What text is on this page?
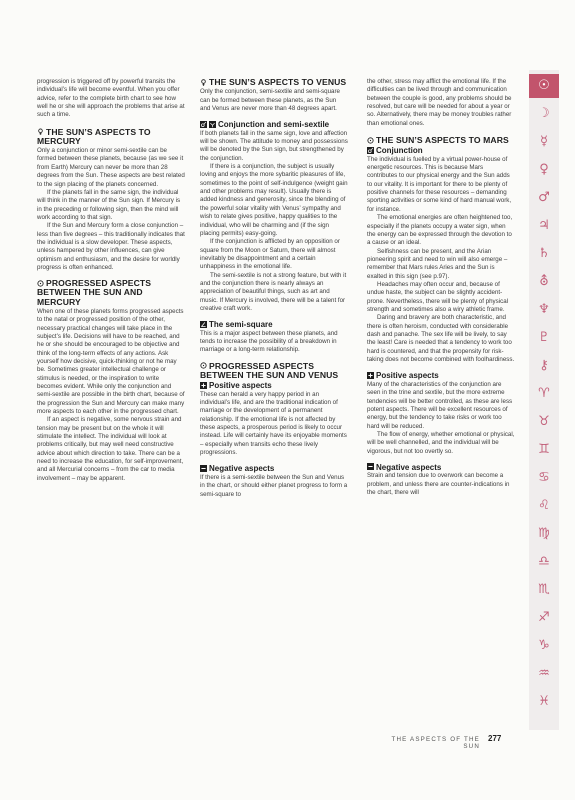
progression is triggered off by powerful transits the individual’s life will become eventful. When you offer advice, refer to the complete birth chart to see how well he or she will approach the problems that arise at such a time.

THE SUN’S ASPECTS TO MERCURY

Only a conjunction or minor semi-sextile can be formed between these planets, because (as we see it from Earth) Mercury can never be more than 28 degrees from the Sun. These aspects are best related to the sign placing of the planets concerned.

If the planets fall in the same sign, the individual will think in the manner of the Sun sign. If Mercury is in the preceding or following sign, then the mind will work according to that sign.

If the Sun and Mercury form a close conjunction – less than five degrees – this traditionally indicates that the individual is a slow developer. These aspects, unless hampered by other influences, can give optimism and enthusiasm, and the desire for worldly progress is often enhanced.

PROGRESSED ASPECTS BETWEEN THE SUN AND MERCURY

When one of these planets forms progressed aspects to the natal or progressed position of the other, necessary practical changes will take place in the subject’s life. Decisions will have to be reached, and he or she should be encouraged to be objective and think of the long-term effects of any actions. Ask yourself how decisive, quick-thinking or not he may be. Sometimes greater intellectual challenge or stimulus is needed, or the inspiration to write becomes evident. While only the conjunction and semi-sextile are possible in the birth chart, because of the progression the Sun and Mercury can make many more aspects to each other in the progressed chart.

If an aspect is negative, some nervous strain and tension may be present but on the whole it will stimulate the intellect. The individual will look at problems critically, but may well need constructive advice about which direction to take. There can be a need to increase the education, for self-improvement, and all Mercurial concerns – from the car to media involvement – may be apparent.

THE SUN’S ASPECTS TO VENUS

Only the conjunction, semi-sextile and semi-square can be formed between these planets, as the Sun and Venus are never more than 48 degrees apart.

Conjunction and semi-sextile

If both planets fall in the same sign, love and affection will be shown. The attitude to money and possessions will be denoted by the Sun sign, but strengthened by the conjunction.

If there is a conjunction, the subject is usually loving and enjoys the more sybaritic pleasures of life, sometimes to the point of self-indulgence (weight gain and other problems may result). Usually there is added kindness and generosity, since the blending of the powerful solar vitality with Venus’ sympathy and wish to relate gives positive, happy qualities to the individual, who will be charming and (if the sign placing permits) easy-going.

If the conjunction is afflicted by an opposition or square from the Moon or Saturn, there will almost inevitably be disappointment and a certain unhappiness in the emotional life.

The semi-sextile is not a strong feature, but with it and the conjunction there is nearly always an appreciation of beautiful things, such as art and music. If Mercury is involved, there will be a talent for creative craft work.

The semi-square

This is a major aspect between these planets, and tends to increase the possibility of a breakdown in marriage or a long-term relationship.

PROGRESSED ASPECTS BETWEEN THE SUN AND VENUS
Positive aspects

These can herald a very happy period in an individual’s life, and are the traditional indication of marriage or the development of a permanent relationship. If the emotional life is not affected by these aspects, a prosperous period is likely to occur instead. Life will certainly have its enjoyable moments – especially when transits echo these lively progressions.

Negative aspects

If there is a semi-sextile between the Sun and Venus in the chart, or should either planet progress to form a semi-square to

the other, stress may afflict the emotional life. If the difficulties can be lived through and communication between the couple is good, any problems should be resolved, but care will be needed for about a year or so. Alternatively, there may be money troubles rather than emotional ones.

THE SUN’S ASPECTS TO MARS
Conjunction

The individual is fuelled by a virtual power-house of energetic resources. This is because Mars contributes to our physical energy and the Sun adds to our vitality. It is important for there to be plenty of positive channels for these resources – demanding sporting activities or some kind of hard manual work, for instance.

The emotional energies are often heightened too, especially if the planets occupy a water sign, when the energy can be expressed through the devotion to a cause or an ideal.

Selfishness can be present, and the Arian pioneering spirit and need to win will also emerge – remember that Mars rules Aries and the Sun is exalted in this sign (see p.97).

Headaches may often occur and, because of undue haste, the subject can be slightly accident-prone. Nevertheless, there will be plenty of physical strength and sometimes also a wiry athletic frame.

Daring and bravery are both characteristic, and there is often heroism, conducted with considerable dash and panache. The sex life will be lively, to say the least! Care is needed that a tendency to work too hard is countered, and that the propensity for risk-taking does not become combined with foolhardiness.

Positive aspects

Many of the characteristics of the conjunction are seen in the trine and sextile, but the more extreme tendencies will be better controlled, as these are less potent aspects. There will be excellent resources of energy, but the tendency to take risks or work too hard will be reduced.

The flow of energy, whether emotional or physical, will be well channelled, and the individual will be vigorous, but not too overtly so.

Negative aspects

Strain and tension due to overwork can become a problem, and unless there are counter-indications in the chart, there will

☉
☽
☿
♀
♂
♃
♄
⛢
♆
♇
⚷
♈
♉
♊
♋
♌
♍
♎
♏
♐
♑
♒
♓
THE ASPECTS OF THE SUN
277
